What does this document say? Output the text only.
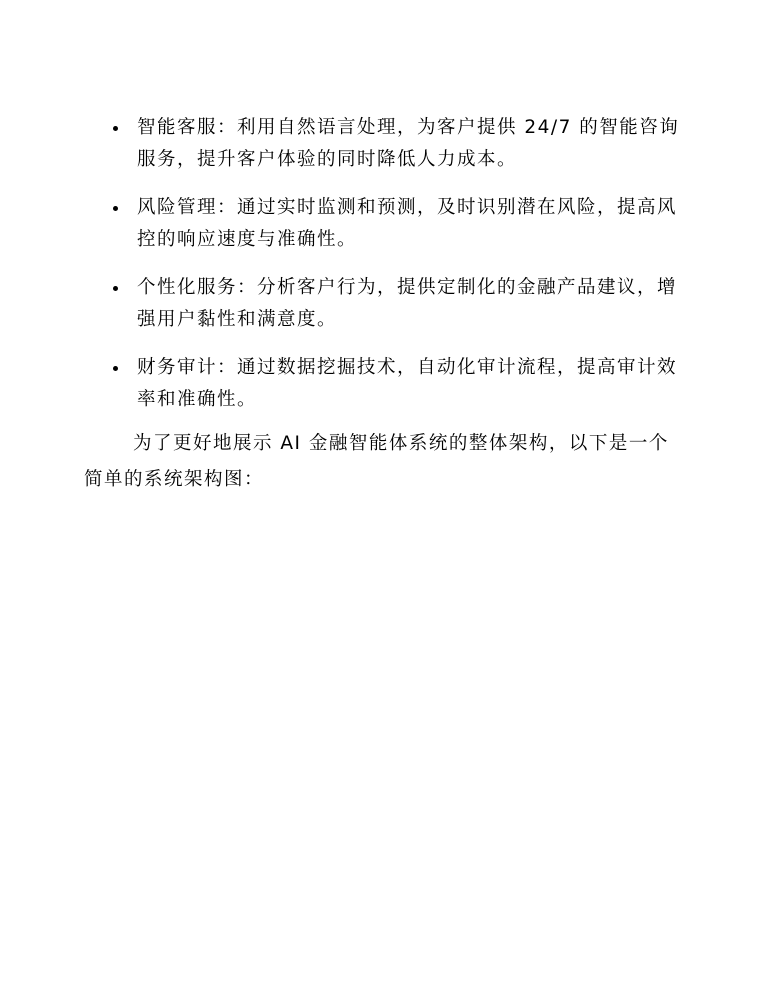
智能客服：利用自然语言处理，为客户提供 24/7 的智能咨询服务，提升客户体验的同时降低人力成本。
风险管理：通过实时监测和预测，及时识别潜在风险，提高风控的响应速度与准确性。
个性化服务：分析客户行为，提供定制化的金融产品建议，增强用户黏性和满意度。
财务审计：通过数据挖掘技术，自动化审计流程，提高审计效率和准确性。

为了更好地展示 AI 金融智能体系统的整体架构，以下是一个简单的系统架构图：
